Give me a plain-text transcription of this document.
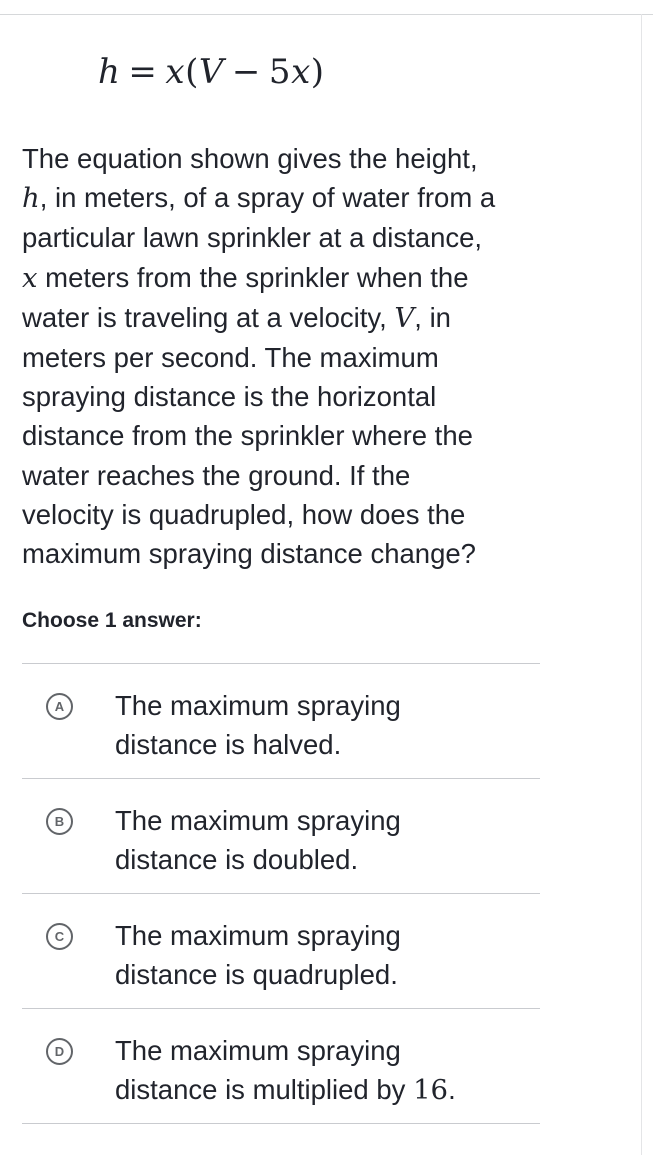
h = x(V − 5x)
The equation shown gives the height,
h, in meters, of a spray of water from a
particular lawn sprinkler at a distance,
x meters from the sprinkler when the
water is traveling at a velocity, V, in
meters per second. The maximum
spraying distance is the horizontal
distance from the sprinkler where the
water reaches the ground. If the
velocity is quadrupled, how does the
maximum spraying distance change?
Choose 1 answer:
A	The maximum spraying
distance is halved.
B	The maximum spraying
distance is doubled.
C	The maximum spraying
distance is quadrupled.
D	The maximum spraying
distance is multiplied by 16.
